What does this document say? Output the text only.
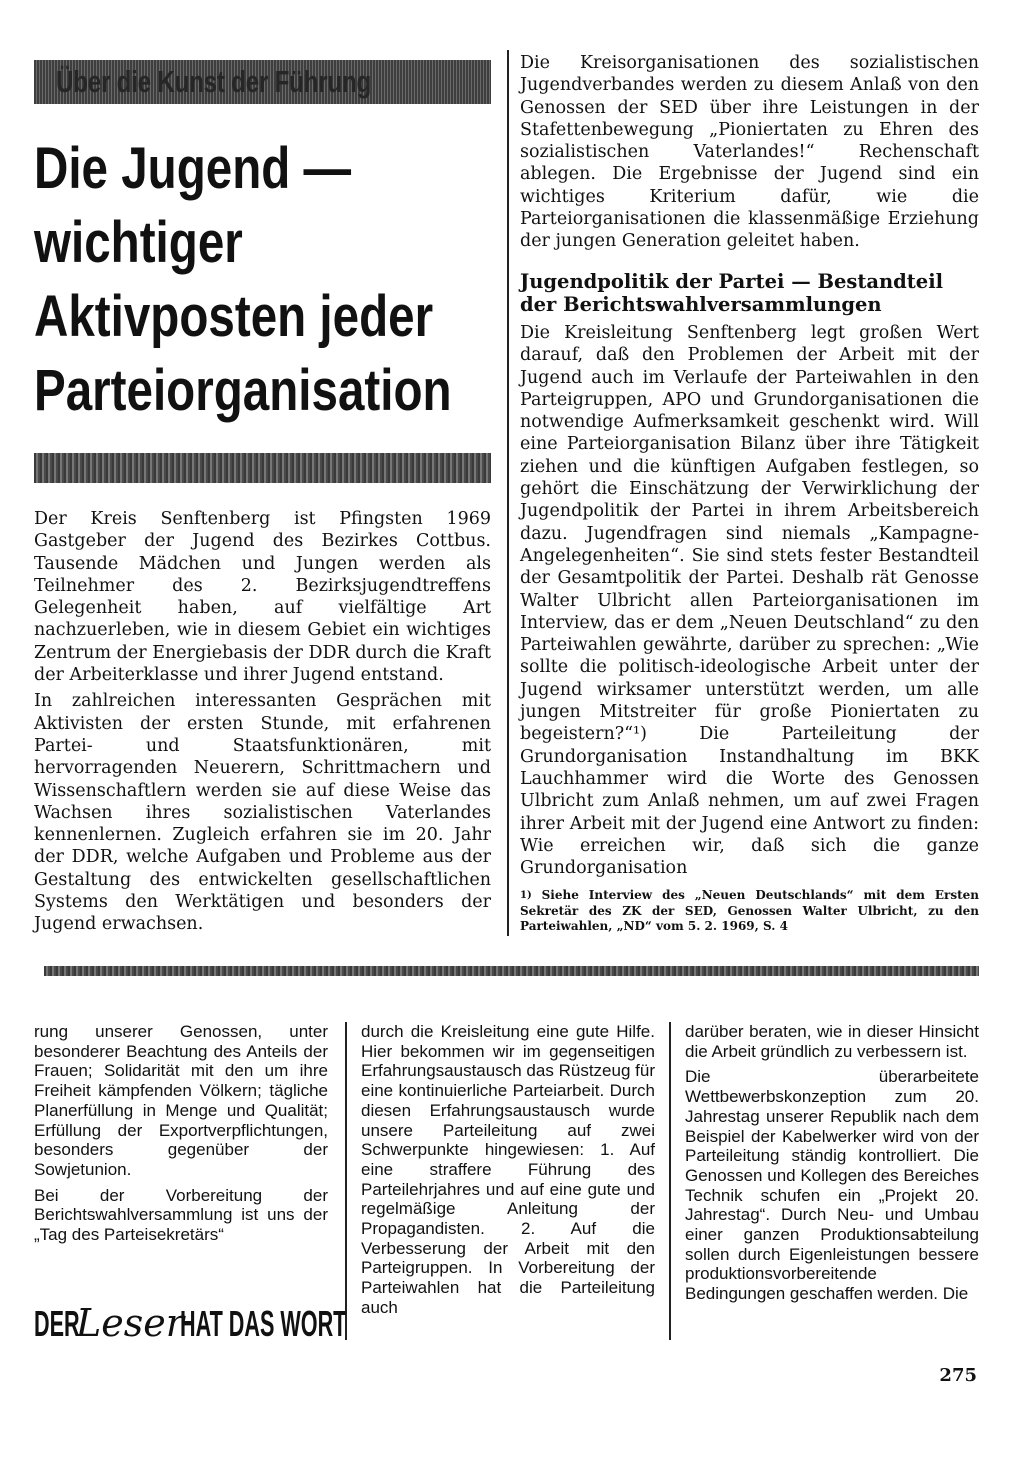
Über die Kunst der Führung
Die Jugend —
wichtiger
Aktivposten jeder
Parteiorganisation

Der Kreis Senftenberg ist Pfingsten 1969 Gastgeber der Jugend des Bezirkes Cottbus. Tausende Mädchen und Jungen werden als Teilnehmer des 2. Bezirksjugendtreffens Gelegenheit haben, auf vielfältige Art nachzuerleben, wie in diesem Gebiet ein wichtiges Zentrum der Energiebasis der DDR durch die Kraft der Arbeiterklasse und ihrer Jugend entstand.

In zahlreichen interessanten Gesprächen mit Aktivisten der ersten Stunde, mit erfahrenen Partei- und Staatsfunktionären, mit hervorragenden Neuerern, Schrittmachern und Wissenschaftlern werden sie auf diese Weise das Wachsen ihres sozialistischen Vaterlandes kennenlernen. Zugleich erfahren sie im 20. Jahr der DDR, welche Aufgaben und Probleme aus der Gestaltung des entwickelten gesellschaftlichen Systems den Werktätigen und besonders der Jugend erwachsen.

Die Kreisorganisationen des sozialistischen Jugendverbandes werden zu diesem Anlaß von den Genossen der SED über ihre Leistungen in der Stafettenbewegung „Pioniertaten zu Ehren des sozialistischen Vaterlandes!“ Rechenschaft ablegen. Die Ergebnisse der Jugend sind ein wichtiges Kriterium dafür, wie die Parteiorganisationen die klassenmäßige Erziehung der jungen Generation geleitet haben.

Jugendpolitik der Partei — Bestandteil der Berichtswahlversammlungen

Die Kreisleitung Senftenberg legt großen Wert darauf, daß den Problemen der Arbeit mit der Jugend auch im Verlaufe der Parteiwahlen in den Parteigruppen, APO und Grundorganisationen die notwendige Aufmerksamkeit geschenkt wird. Will eine Parteiorganisation Bilanz über ihre Tätigkeit ziehen und die künftigen Aufgaben festlegen, so gehört die Einschätzung der Verwirklichung der Jugendpolitik der Partei in ihrem Arbeitsbereich dazu. Jugendfragen sind niemals „Kampagne-Angelegenheiten“. Sie sind stets fester Bestandteil der Gesamtpolitik der Partei. Deshalb rät Genosse Walter Ulbricht allen Parteiorganisationen im Interview, das er dem „Neuen Deutschland“ zu den Parteiwahlen gewährte, darüber zu sprechen: „Wie sollte die politisch-ideologische Arbeit unter der Jugend wirksamer unterstützt werden, um alle jungen Mitstreiter für große Pioniertaten zu begeistern?“¹) Die Parteileitung der Grundorganisation Instandhaltung im BKK Lauchhammer wird die Worte des Genossen Ulbricht zum Anlaß nehmen, um auf zwei Fragen ihrer Arbeit mit der Jugend eine Antwort zu finden: Wie erreichen wir, daß sich die ganze Grundorganisation

$^{1)}$ Siehe Interview des „Neuen Deutschlands“ mit dem Ersten Sekretär des ZK der SED, Genossen Walter Ulbricht, zu den Parteiwahlen, „ND“ vom 5. 2. 1969, S. 4

rung unserer Genossen, unter besonderer Beachtung des Anteils der Frauen; Solidarität mit den um ihre Freiheit kämpfenden Völkern; tägliche Planerfüllung in Menge und Qualität; Erfüllung der Exportverpflichtungen, besonders gegenüber der Sowjetunion.

Bei der Vorbereitung der Berichtswahlversammlung ist uns der „Tag des Parteisekretärs“

durch die Kreisleitung eine gute Hilfe. Hier bekommen wir im gegenseitigen Erfahrungsaustausch das Rüstzeug für eine kontinuierliche Parteiarbeit. Durch diesen Erfahrungsaustausch wurde unsere Parteileitung auf zwei Schwerpunkte hingewiesen: 1. Auf eine straffere Führung des Parteilehrjahres und auf eine gute und regelmäßige Anleitung der Propagandisten. 2. Auf die Verbesserung der Arbeit mit den Parteigruppen. In Vorbereitung der Parteiwahlen hat die Parteileitung auch

darüber beraten, wie in dieser Hinsicht die Arbeit gründlich zu verbessern ist.

Die überarbeitete Wettbewerbskonzeption zum 20. Jahrestag unserer Republik nach dem Beispiel der Kabelwerker wird von der Parteileitung ständig kontrolliert. Die Genossen und Kollegen des Bereiches Technik schufen ein „Projekt 20. Jahrestag“. Durch Neu- und Umbau einer ganzen Produktionsabteilung sollen durch Eigenleistungen bessere produktionsvorbereitende Bedingungen geschaffen werden. Die

DERLeserHAT DAS WORT
275
